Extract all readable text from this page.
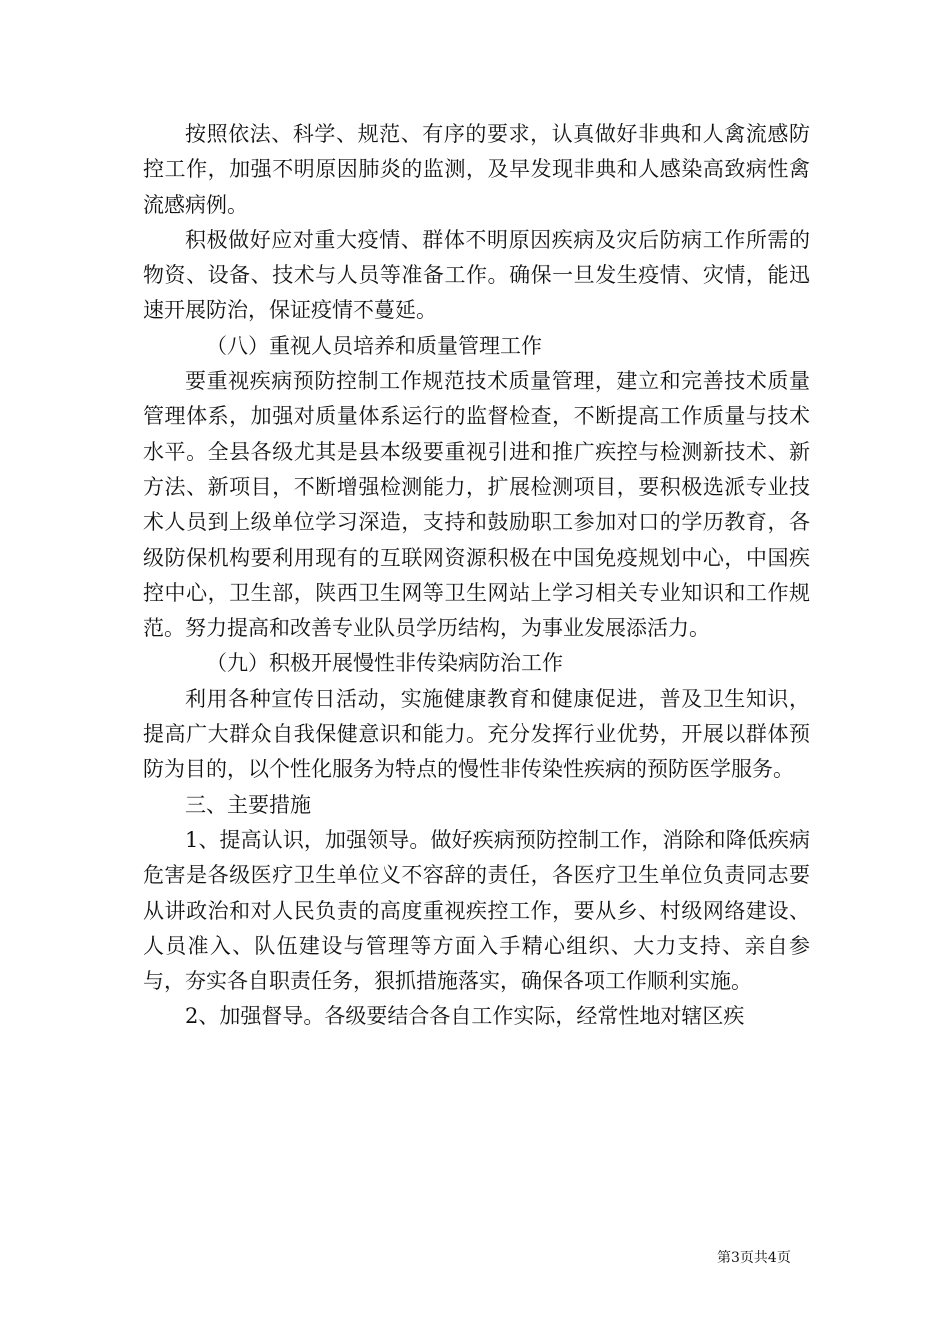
按照依法、科学、规范、有序的要求，认真做好非典和人禽流感防控工作，加强不明原因肺炎的监测，及早发现非典和人感染高致病性禽流感病例。

积极做好应对重大疫情、群体不明原因疾病及灾后防病工作所需的物资、设备、技术与人员等准备工作。确保一旦发生疫情、灾情，能迅速开展防治，保证疫情不蔓延。

（八）重视人员培养和质量管理工作

要重视疾病预防控制工作规范技术质量管理，建立和完善技术质量管理体系，加强对质量体系运行的监督检查，不断提高工作质量与技术水平。全县各级尤其是县本级要重视引进和推广疾控与检测新技术、新方法、新项目，不断增强检测能力，扩展检测项目，要积极选派专业技术人员到上级单位学习深造，支持和鼓励职工参加对口的学历教育，各级防保机构要利用现有的互联网资源积极在中国免疫规划中心，中国疾控中心，卫生部，陕西卫生网等卫生网站上学习相关专业知识和工作规范。努力提高和改善专业队员学历结构，为事业发展添活力。

（九）积极开展慢性非传染病防治工作

利用各种宣传日活动，实施健康教育和健康促进，普及卫生知识，提高广大群众自我保健意识和能力。充分发挥行业优势，开展以群体预防为目的，以个性化服务为特点的慢性非传染性疾病的预防医学服务。

三、主要措施

1、提高认识，加强领导。做好疾病预防控制工作，消除和降低疾病危害是各级医疗卫生单位义不容辞的责任，各医疗卫生单位负责同志要从讲政治和对人民负责的高度重视疾控工作，要从乡、村级网络建设、人员准入、队伍建设与管理等方面入手精心组织、大力支持、亲自参与，夯实各自职责任务，狠抓措施落实，确保各项工作顺利实施。

2、加强督导。各级要结合各自工作实际，经常性地对辖区疾

第3页共4页
